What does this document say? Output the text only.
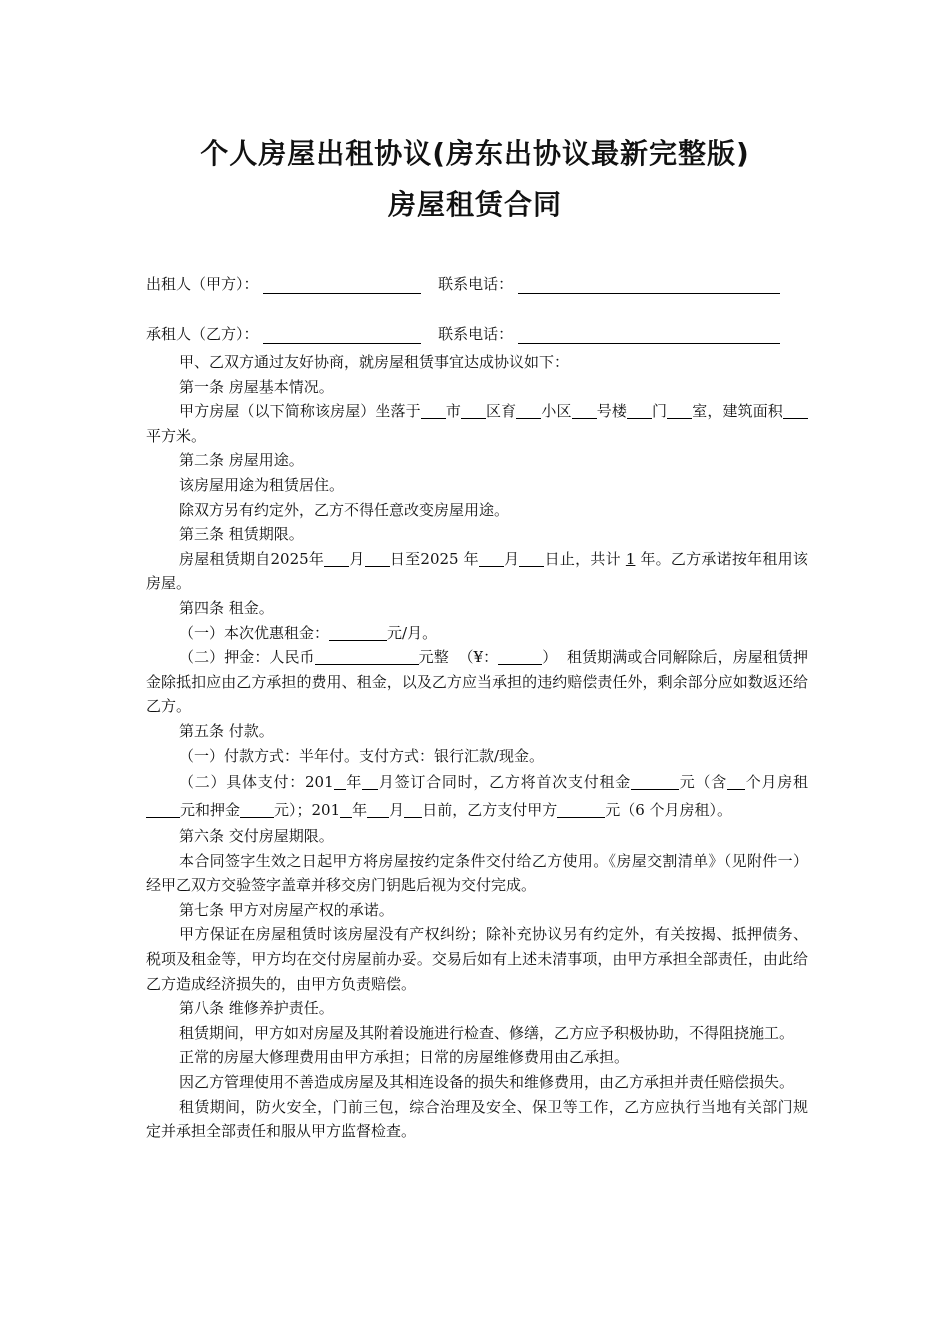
个人房屋出租协议(房东出协议最新完整版)
房屋租赁合同
出租人（甲方）：	联系电话：
承租人（乙方）：	联系电话：

甲、乙双方通过友好协商，就房屋租赁事宜达成协议如下：

第一条 房屋基本情况。

甲方房屋（以下简称该房屋）坐落于 市 区育 小区 号楼 门 室，建筑面积平方米。

第二条 房屋用途。

该房屋用途为租赁居住。

除双方另有约定外，乙方不得任意改变房屋用途。

第三条 租赁期限。

房屋租赁期自2025年 月 日至2025 年 月 日止，共计 1 年。乙方承诺按年租用该房屋。

第四条 租金。

（一）本次优惠租金：	元/月。

（二）押金：人民币	元整 （¥：	） 租赁期满或合同解除后，房屋租赁押金除抵扣应由乙方承担的费用、租金，以及乙方应当承担的违约赔偿责任外，剩余部分应如数返还给乙方。

第五条 付款。

（一）付款方式：半年付。支付方式：银行汇款/现金。

（二）具体支付：201 年 月签订合同时，乙方将首次支付租金	元（含 个月房租元和押金 元）；201 年 月 日前，乙方支付甲方	元（6 个月房租）。

第六条 交付房屋期限。

本合同签字生效之日起甲方将房屋按约定条件交付给乙方使用。《房屋交割清单》（见附件一）经甲乙双方交验签字盖章并移交房门钥匙后视为交付完成。

第七条 甲方对房屋产权的承诺。

甲方保证在房屋租赁时该房屋没有产权纠纷；除补充协议另有约定外，有关按揭、抵押债务、税项及租金等，甲方均在交付房屋前办妥。交易后如有上述未清事项，由甲方承担全部责任，由此给乙方造成经济损失的，由甲方负责赔偿。

第八条 维修养护责任。

租赁期间，甲方如对房屋及其附着设施进行检查、修缮，乙方应予积极协助，不得阻挠施工。

正常的房屋大修理费用由甲方承担；日常的房屋维修费用由乙承担。

因乙方管理使用不善造成房屋及其相连设备的损失和维修费用，由乙方承担并责任赔偿损失。

租赁期间，防火安全，门前三包，综合治理及安全、保卫等工作，乙方应执行当地有关部门规定并承担全部责任和服从甲方监督检查。
